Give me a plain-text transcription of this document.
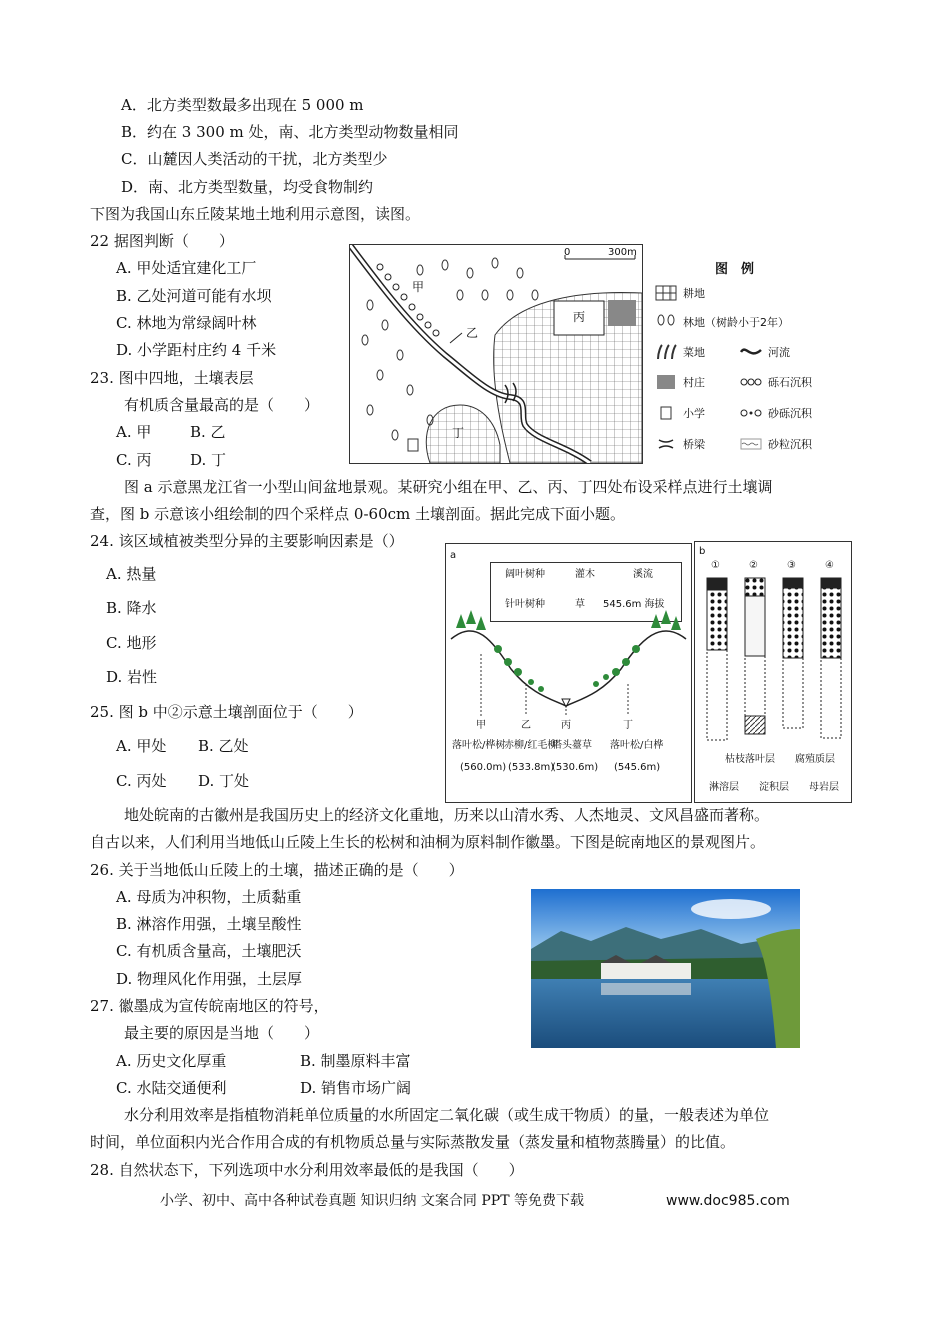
A．北方类型数最多出现在 5 000 m
B．约在 3 300 m 处，南、北方类型动物数量相同
C．山麓因人类活动的干扰，北方类型少
D．南、北方类型数量，均受食物制约
下图为我国山东丘陵某地土地利用示意图，读图。
22 据图判断（　　）
A. 甲处适宜建化工厂
B. 乙处河道可能有水坝
C. 林地为常绿阔叶林
D. 小学距村庄约 4 千米
23. 图中四地，土壤表层
有机质含量最高的是（　　）
A. 甲	B. 乙
C. 丙	D. 丁
0	300m
甲
乙
丙
丁
图　例
耕地
林地（树龄小于2年）
菜地	河流
村庄	砾石沉积
小学	砂砾沉积
桥梁	砂粒沉积
图 a 示意黑龙江省一小型山间盆地景观。某研究小组在甲、乙、丙、丁四处布设采样点进行土壤调
查，图 b 示意该小组绘制的四个采样点 0-60cm 土壤剖面。据此完成下面小题。
24. 该区域植被类型分异的主要影响因素是（）
A. 热量
B. 降水
C. 地形
D. 岩性
25. 图 b 中②示意土壤剖面位于（　　）
A. 甲处 B. 乙处
C. 丙处 D. 丁处
a
阔叶树种	灌木	溪流
针叶树种	草 545.6m 海拔
甲
落叶松/桦树
(560.0m)
乙
赤柳/红毛柳
(533.8m)
丙
塔头薹草
(530.6m)
丁
落叶松/白桦
(545.6m)
b
①	②	③	④
枯枝落叶层 腐殖质层
淋溶层 淀积层 母岩层
地处皖南的古徽州是我国历史上的经济文化重地，历来以山清水秀、人杰地灵、文风昌盛而著称。
自古以来，人们利用当地低山丘陵上生长的松树和油桐为原料制作徽墨。下图是皖南地区的景观图片。
26. 关于当地低山丘陵上的土壤，描述正确的是（　　）
A. 母质为冲积物，土质黏重
B. 淋溶作用强，土壤呈酸性
C. 有机质含量高，土壤肥沃
D. 物理风化作用强，土层厚
27. 徽墨成为宣传皖南地区的符号，
最主要的原因是当地（　　）
A. 历史文化厚重	B. 制墨原料丰富
C. 水陆交通便利	D. 销售市场广阔
水分利用效率是指植物消耗单位质量的水所固定二氧化碳（或生成干物质）的量，一般表述为单位
时间，单位面积内光合作用合成的有机物质总量与实际蒸散发量（蒸发量和植物蒸腾量）的比值。
28. 自然状态下，下列选项中水分利用效率最低的是我国（　　）
小学、初中、高中各种试卷真题 知识归纳 文案合同 PPT 等免费下载	www.doc985.com
